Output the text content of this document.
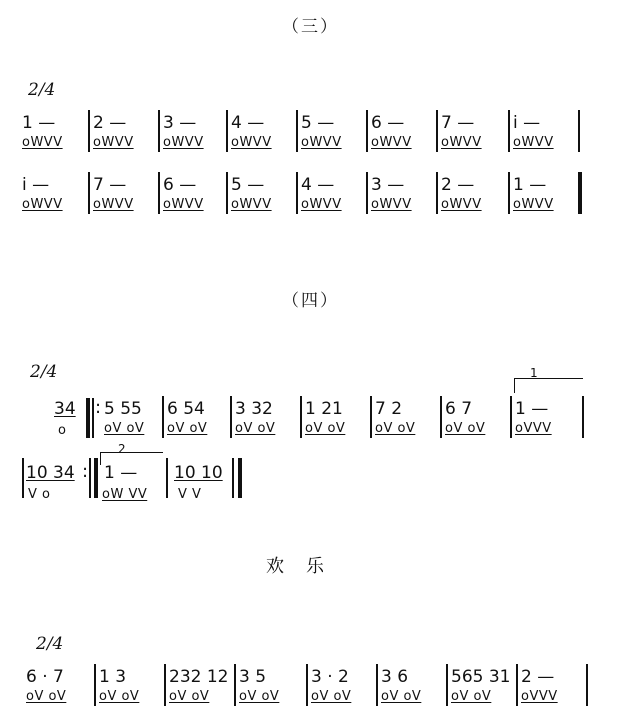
（三）
2/4
1 —
oWVV
2 —
oWVV
3 —
oWVV
4 —
oWVV
5 —
oWVV
6 —
oWVV
7 —
oWVV
i —
oWVV
i —
oWVV
7 —
oWVV
6 —
oWVV
5 —
oWVV
4 —
oWVV
3 —
oWVV
2 —
oWVV
1 —
oWVV
（四）
2/4
34
o
: 5 55
oV oV
6 54
oV oV
3 32
oV oV
1 21
oV oV
7 2
oV oV
6 7
oV oV
1 —
oVVV
1
10 34
V o
:
2
1 —
oW VV
10 10
V V
欢　乐
2/4
6 · 7
oV oV
1 3
oV oV
232 12
oV oV
3 5
oV oV
3 · 2
oV oV
3 6
oV oV
565 31
oV oV
2 —
oVVV
